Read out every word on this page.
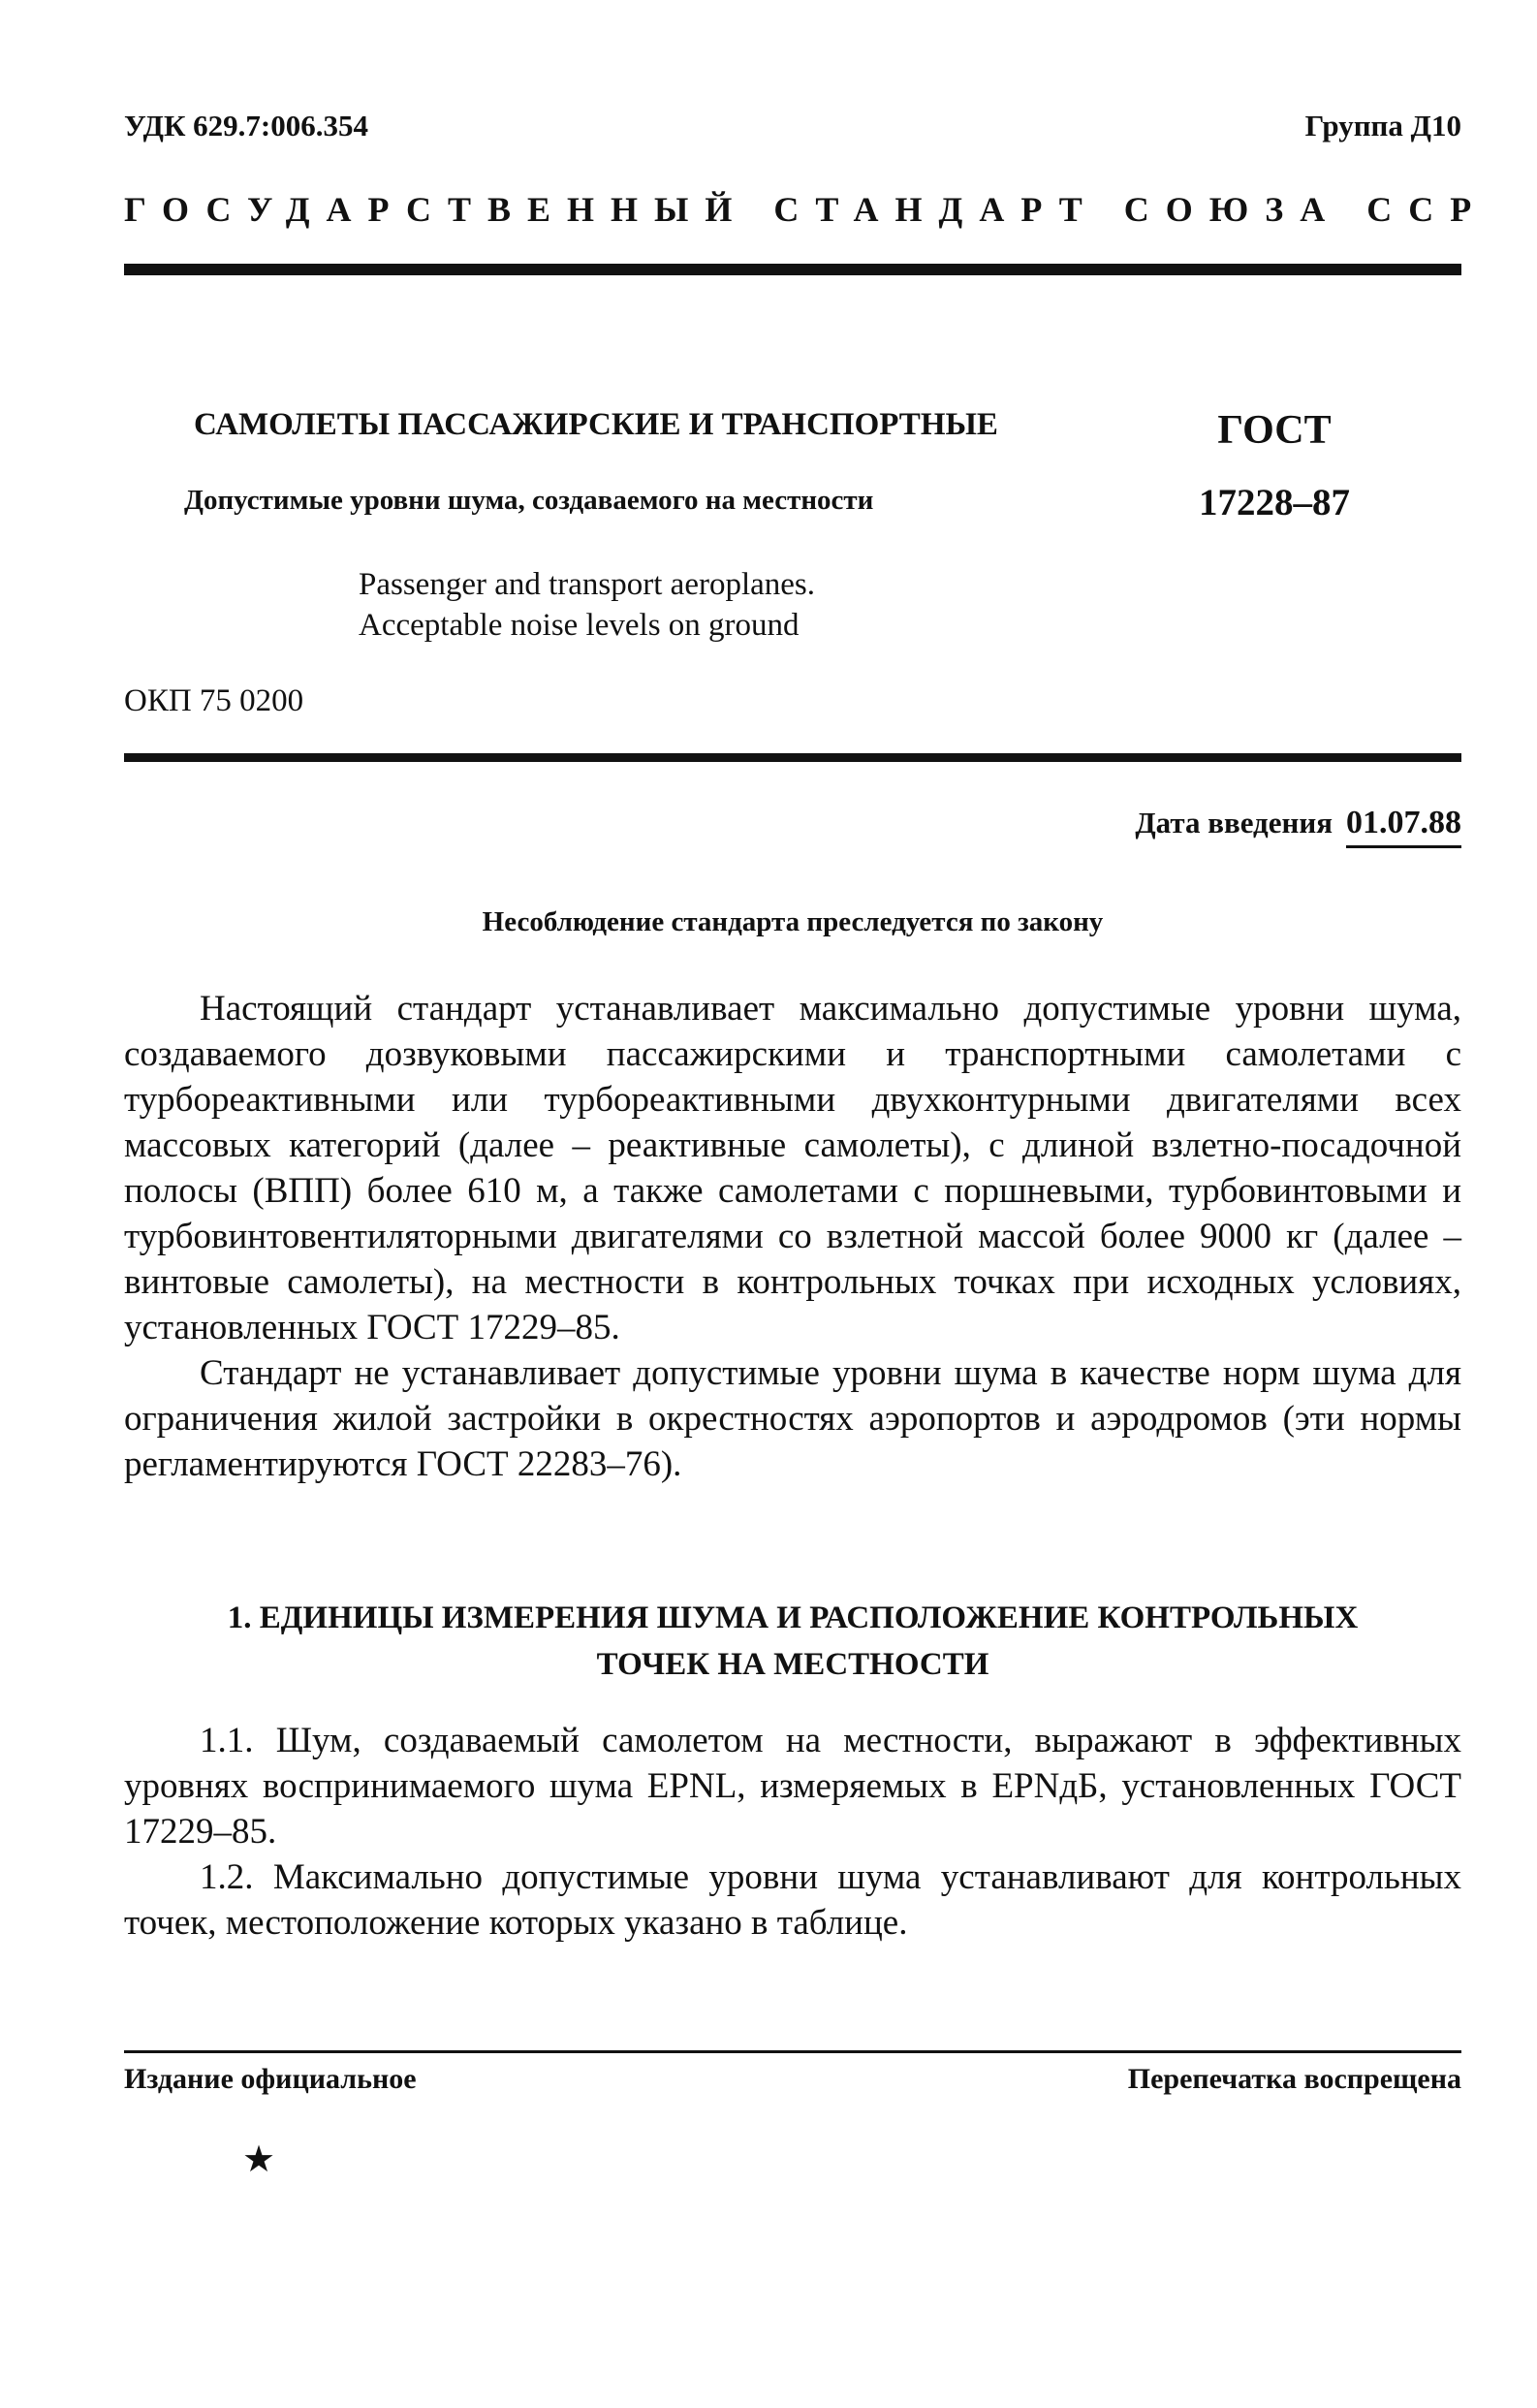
УДК 629.7:006.354	Группа Д10
ГОСУДАРСТВЕННЫЙ СТАНДАРТ СОЮЗА ССР
САМОЛЕТЫ ПАССАЖИРСКИЕ И ТРАНСПОРТНЫЕ
Допустимые уровни шума, создаваемого на местности
ГОСТ
17228–87
Passenger and transport aeroplanes.
Acceptable noise levels on ground
ОКП 75 0200
Дата введения 01.07.88
Несоблюдение стандарта преследуется по закону

Настоящий стандарт устанавливает максимально допустимые уровни шума, создаваемого дозвуковыми пассажирскими и транспортными самолетами с турбореактивными или турбореактивными двухконтурными двигателями всех массовых категорий (далее – реактивные самолеты), с длиной взлетно-посадочной полосы (ВПП) более 610 м, а также самолетами с поршневыми, турбовинтовыми и турбовинтовентиляторными двигателями со взлетной массой более 9000 кг (далее – винтовые самолеты), на местности в контрольных точках при исходных условиях, установленных ГОСТ 17229–85.

Стандарт не устанавливает допустимые уровни шума в качестве норм шума для ограничения жилой застройки в окрестностях аэропортов и аэродромов (эти нормы регламентируются ГОСТ 22283–76).

1. ЕДИНИЦЫ ИЗМЕРЕНИЯ ШУМА И РАСПОЛОЖЕНИЕ КОНТРОЛЬНЫХ
ТОЧЕК НА МЕСТНОСТИ

1.1. Шум, создаваемый самолетом на местности, выражают в эффективных уровнях воспринимаемого шума EPNL, измеряемых в EPNдБ, установленных ГОСТ 17229–85.

1.2. Максимально допустимые уровни шума устанавливают для контрольных точек, местоположение которых указано в таблице.

Издание официальное	Перепечатка воспрещена
★
